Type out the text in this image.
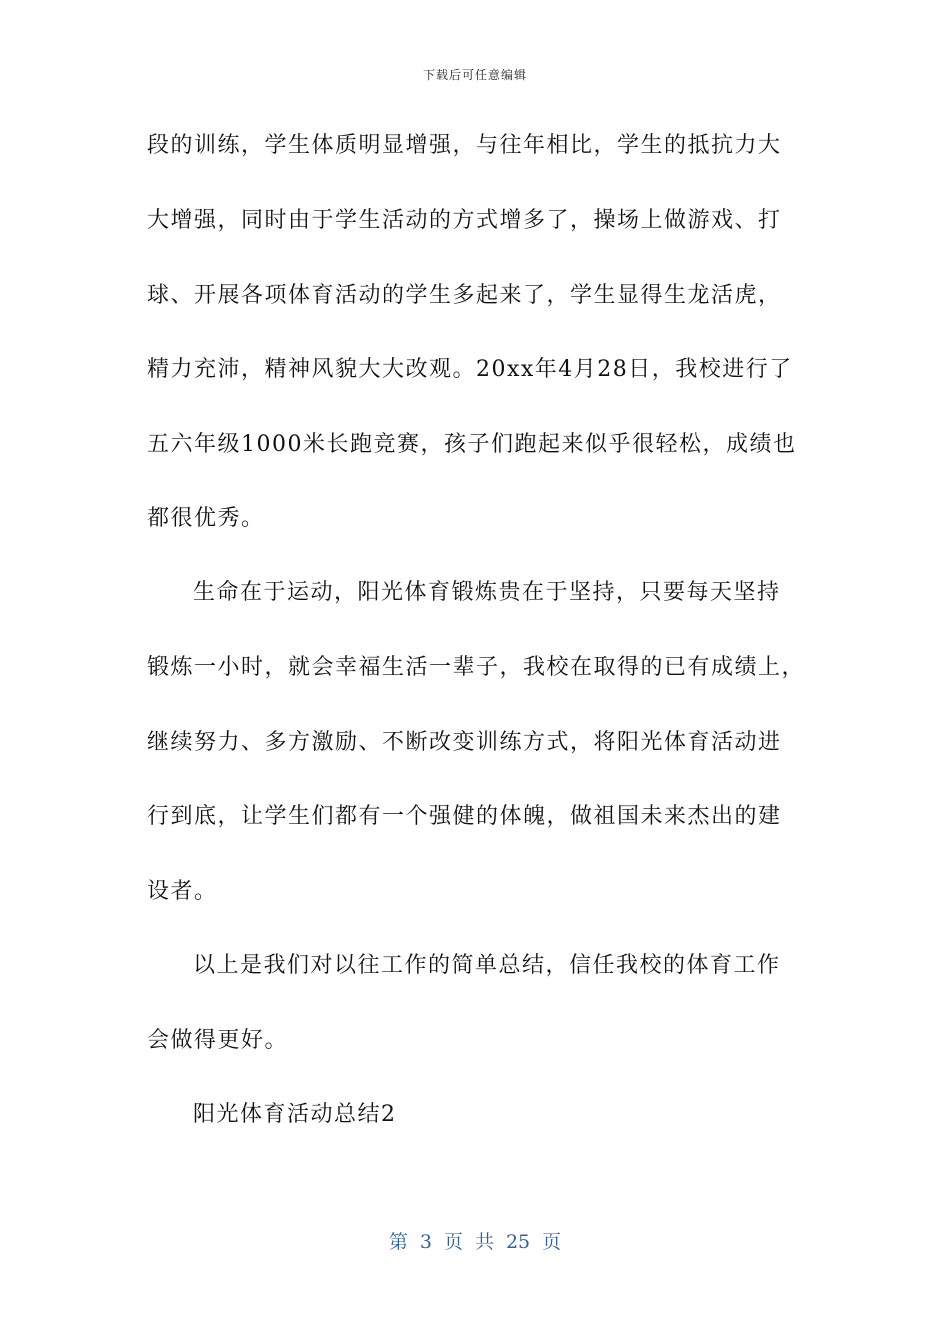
下载后可任意编辑
段的训练，学生体质明显增强，与往年相比，学生的抵抗力大
大增强，同时由于学生活动的方式增多了，操场上做游戏、打
球、开展各项体育活动的学生多起来了，学生显得生龙活虎，
精力充沛，精神风貌大大改观。20xx年4月28日，我校进行了
五六年级1000米长跑竞赛，孩子们跑起来似乎很轻松，成绩也
都很优秀。
生命在于运动，阳光体育锻炼贵在于坚持，只要每天坚持
锻炼一小时，就会幸福生活一辈子，我校在取得的已有成绩上，
继续努力、多方激励、不断改变训练方式，将阳光体育活动进
行到底，让学生们都有一个强健的体魄，做祖国未来杰出的建
设者。
以上是我们对以往工作的简单总结，信任我校的体育工作
会做得更好。
阳光体育活动总结2
第 3 页 共 25 页
